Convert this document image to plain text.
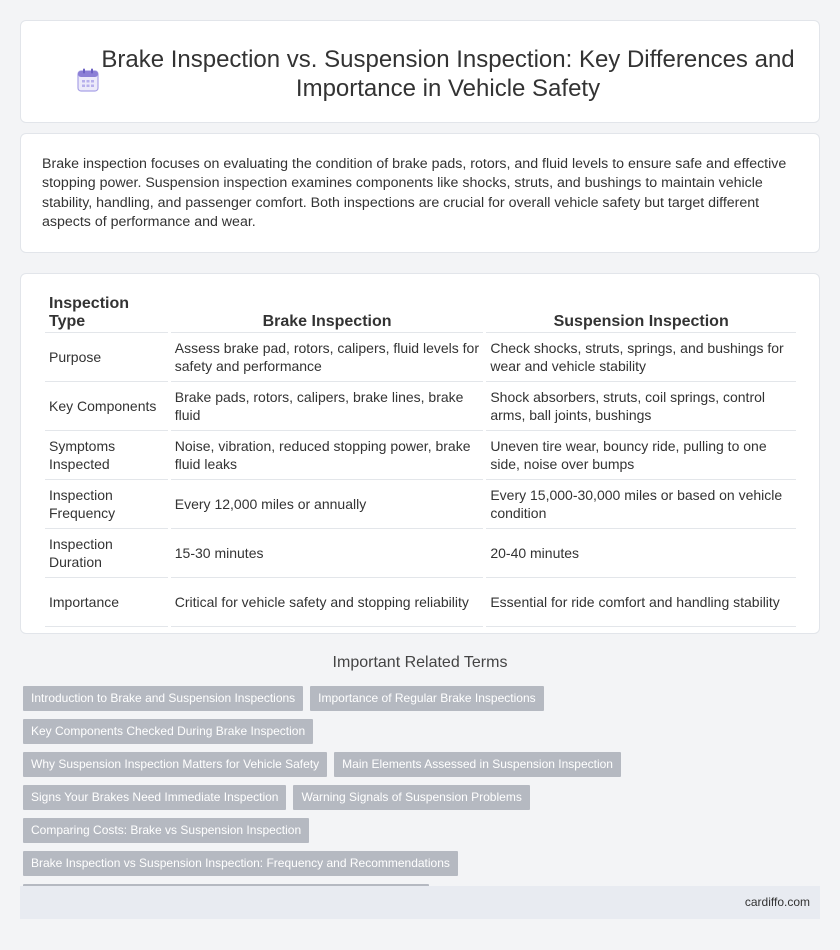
Brake Inspection vs. Suspension Inspection: Key Differences and Importance in Vehicle Safety

Brake inspection focuses on evaluating the condition of brake pads, rotors, and fluid levels to ensure safe and effective stopping power. Suspension inspection examines components like shocks, struts, and bushings to maintain vehicle stability, handling, and passenger comfort. Both inspections are crucial for overall vehicle safety but target different aspects of performance and wear.

Inspection Type	Brake Inspection	Suspension Inspection
Purpose	Assess brake pad, rotors, calipers, fluid levels for safety and performance	Check shocks, struts, springs, and bushings for wear and vehicle stability
Key Components	Brake pads, rotors, calipers, brake lines, brake fluid	Shock absorbers, struts, coil springs, control arms, ball joints, bushings
Symptoms Inspected	Noise, vibration, reduced stopping power, brake fluid leaks	Uneven tire wear, bouncy ride, pulling to one side, noise over bumps
Inspection Frequency	Every 12,000 miles or annually	Every 15,000-30,000 miles or based on vehicle condition
Inspection Duration	15-30 minutes	20-40 minutes
Importance	Critical for vehicle safety and stopping reliability	Essential for ride comfort and handling stability
Important Related Terms
Introduction to Brake and Suspension Inspections	Importance of Regular Brake Inspections
Key Components Checked During Brake Inspection
Why Suspension Inspection Matters for Vehicle Safety	Main Elements Assessed in Suspension Inspection
Signs Your Brakes Need Immediate Inspection	Warning Signals of Suspension Problems
Comparing Costs: Brake vs Suspension Inspection
Brake Inspection vs Suspension Inspection: Frequency and Recommendations
cardiffo.com
